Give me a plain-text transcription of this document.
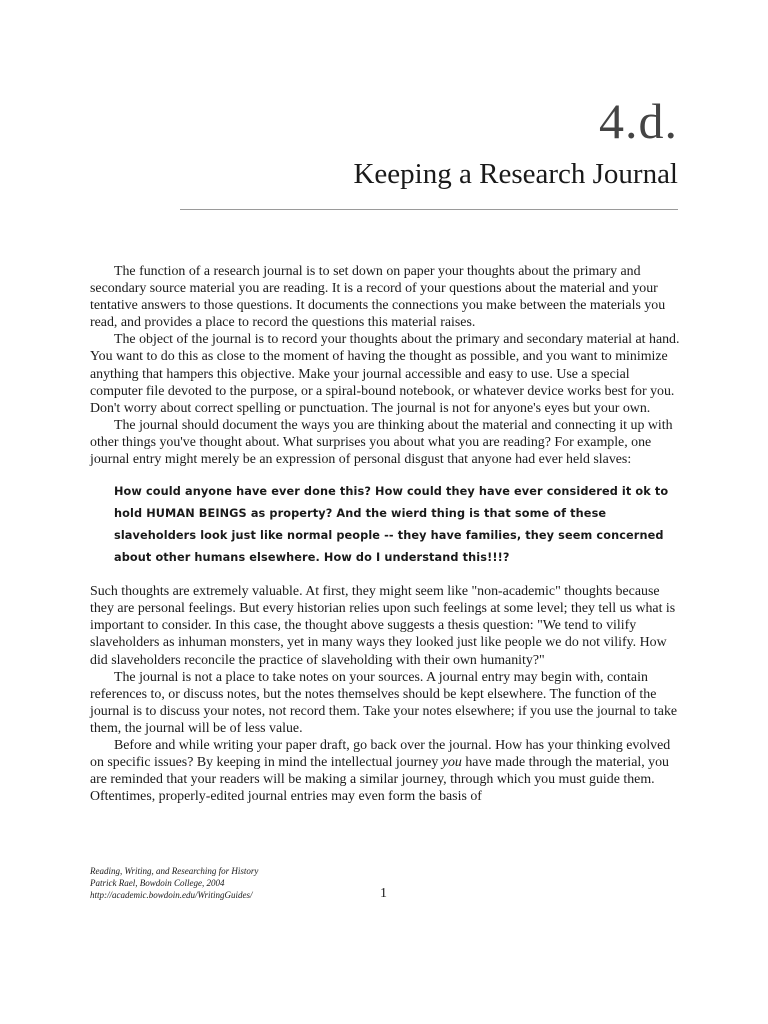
4.d.
Keeping a Research Journal

The function of a research journal is to set down on paper your thoughts about the primary and secondary source material you are reading. It is a record of your questions about the material and your tentative answers to those questions. It documents the connections you make between the materials you read, and provides a place to record the questions this material raises.

The object of the journal is to record your thoughts about the primary and secondary material at hand. You want to do this as close to the moment of having the thought as possible, and you want to minimize anything that hampers this objective. Make your journal accessible and easy to use. Use a special computer file devoted to the purpose, or a spiral-bound notebook, or whatever device works best for you. Don't worry about correct spelling or punctuation. The journal is not for anyone's eyes but your own.

The journal should document the ways you are thinking about the material and connecting it up with other things you've thought about. What surprises you about what you are reading? For example, one journal entry might merely be an expression of personal disgust that anyone had ever held slaves:

How could anyone have ever done this? How could they have ever considered it ok to hold HUMAN BEINGS as property? And the wierd thing is that some of these slaveholders look just like normal people -- they have families, they seem concerned about other humans elsewhere. How do I understand this!!!?

Such thoughts are extremely valuable. At first, they might seem like "non-academic" thoughts because they are personal feelings. But every historian relies upon such feelings at some level; they tell us what is important to consider. In this case, the thought above suggests a thesis question: "We tend to vilify slaveholders as inhuman monsters, yet in many ways they looked just like people we do not vilify. How did slaveholders reconcile the practice of slaveholding with their own humanity?"

The journal is not a place to take notes on your sources. A journal entry may begin with, contain references to, or discuss notes, but the notes themselves should be kept elsewhere. The function of the journal is to discuss your notes, not record them. Take your notes elsewhere; if you use the journal to take them, the journal will be of less value.

Before and while writing your paper draft, go back over the journal. How has your thinking evolved on specific issues? By keeping in mind the intellectual journey you have made through the material, you are reminded that your readers will be making a similar journey, through which you must guide them. Oftentimes, properly-edited journal entries may even form the basis of

Reading, Writing, and Researching for History
Patrick Rael, Bowdoin College, 2004
http://academic.bowdoin.edu/WritingGuides/	1
